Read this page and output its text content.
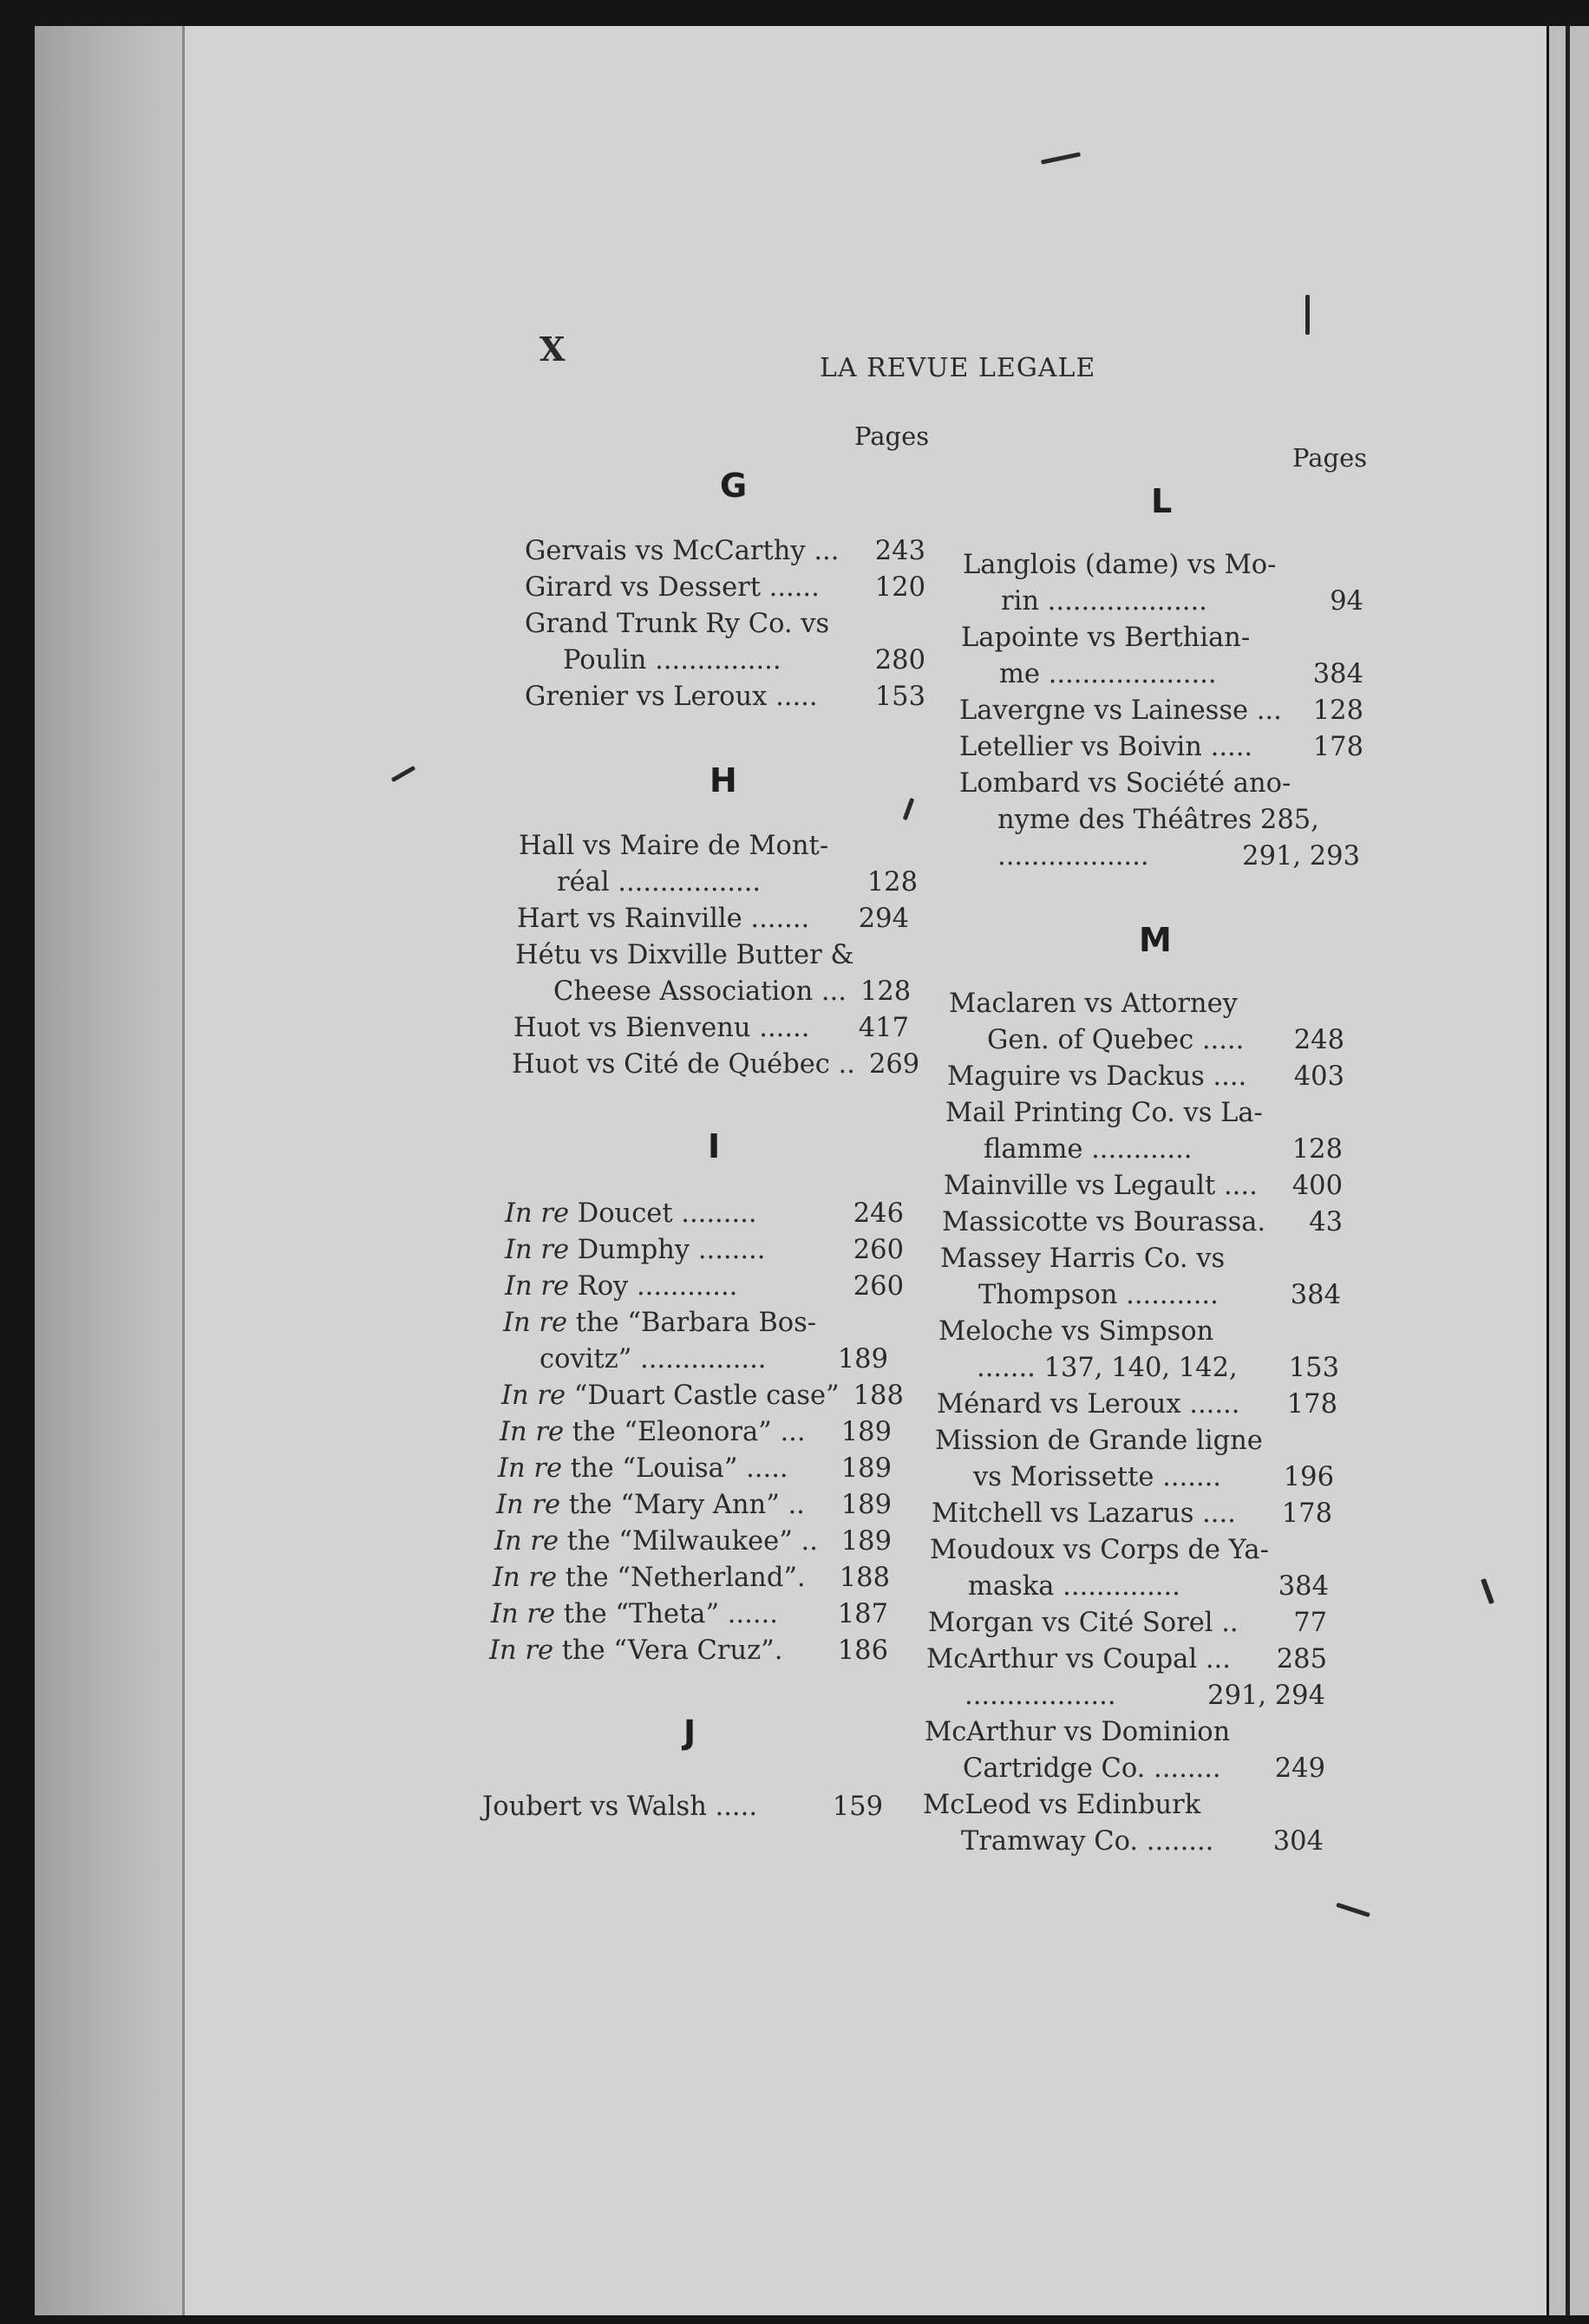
X	LA REVUE LEGALE
Pages
Pages
G
Gervais vs McCarthy ... 243
Girard vs Dessert ...... 120
Grand Trunk Ry Co. vs
Poulin ...............	280
Grenier vs Leroux ..... 153
H
Hall vs Maire de Mont-
réal .................	128
Hart vs Rainville ....... 294
Hétu vs Dixville Butter &
Cheese Association ... 128
Huot vs Bienvenu ...... 417
Huot vs Cité de Québec .. 269
I
In re Doucet .........	246
In re Dumphy ........	260
In re Roy ............	260
In re the “Barbara Bos-
covitz” ...............	189
In re “Duart Castle case” 188
In re the “Eleonora” ... 189
In re the “Louisa” ..... 189
In re the “Mary Ann” .. 189
In re the “Milwaukee” .. 189
In re the “Netherland”. 188
In re the “Theta” ...... 187
In re the “Vera Cruz”. 186
J
Joubert vs Walsh .....	159
L
Langlois (dame) vs Mo-
rin ...................	94
Lapointe vs Berthian-
me ....................	384
Lavergne vs Lainesse ... 128
Letellier vs Boivin ..... 178
Lombard vs Société ano-
nyme des Théâtres 285,
..................	291, 293
M
Maclaren vs Attorney
Gen. of Quebec ..... 248
Maguire vs Dackus .... 403
Mail Printing Co. vs La-
flamme ............	128
Mainville vs Legault .... 400
Massicotte vs Bourassa. 43
Massey Harris Co. vs
Thompson ...........	384
Meloche vs Simpson
....... 137, 140, 142, 153
Ménard vs Leroux ...... 178
Mission de Grande ligne
vs Morissette ....... 196
Mitchell vs Lazarus .... 178
Moudoux vs Corps de Ya-
maska ..............	384
Morgan vs Cité Sorel .. 77
McArthur vs Coupal ... 285
..................	291, 294
McArthur vs Dominion
Cartridge Co. ........ 249
McLeod vs Edinburk
Tramway Co. ........ 304
